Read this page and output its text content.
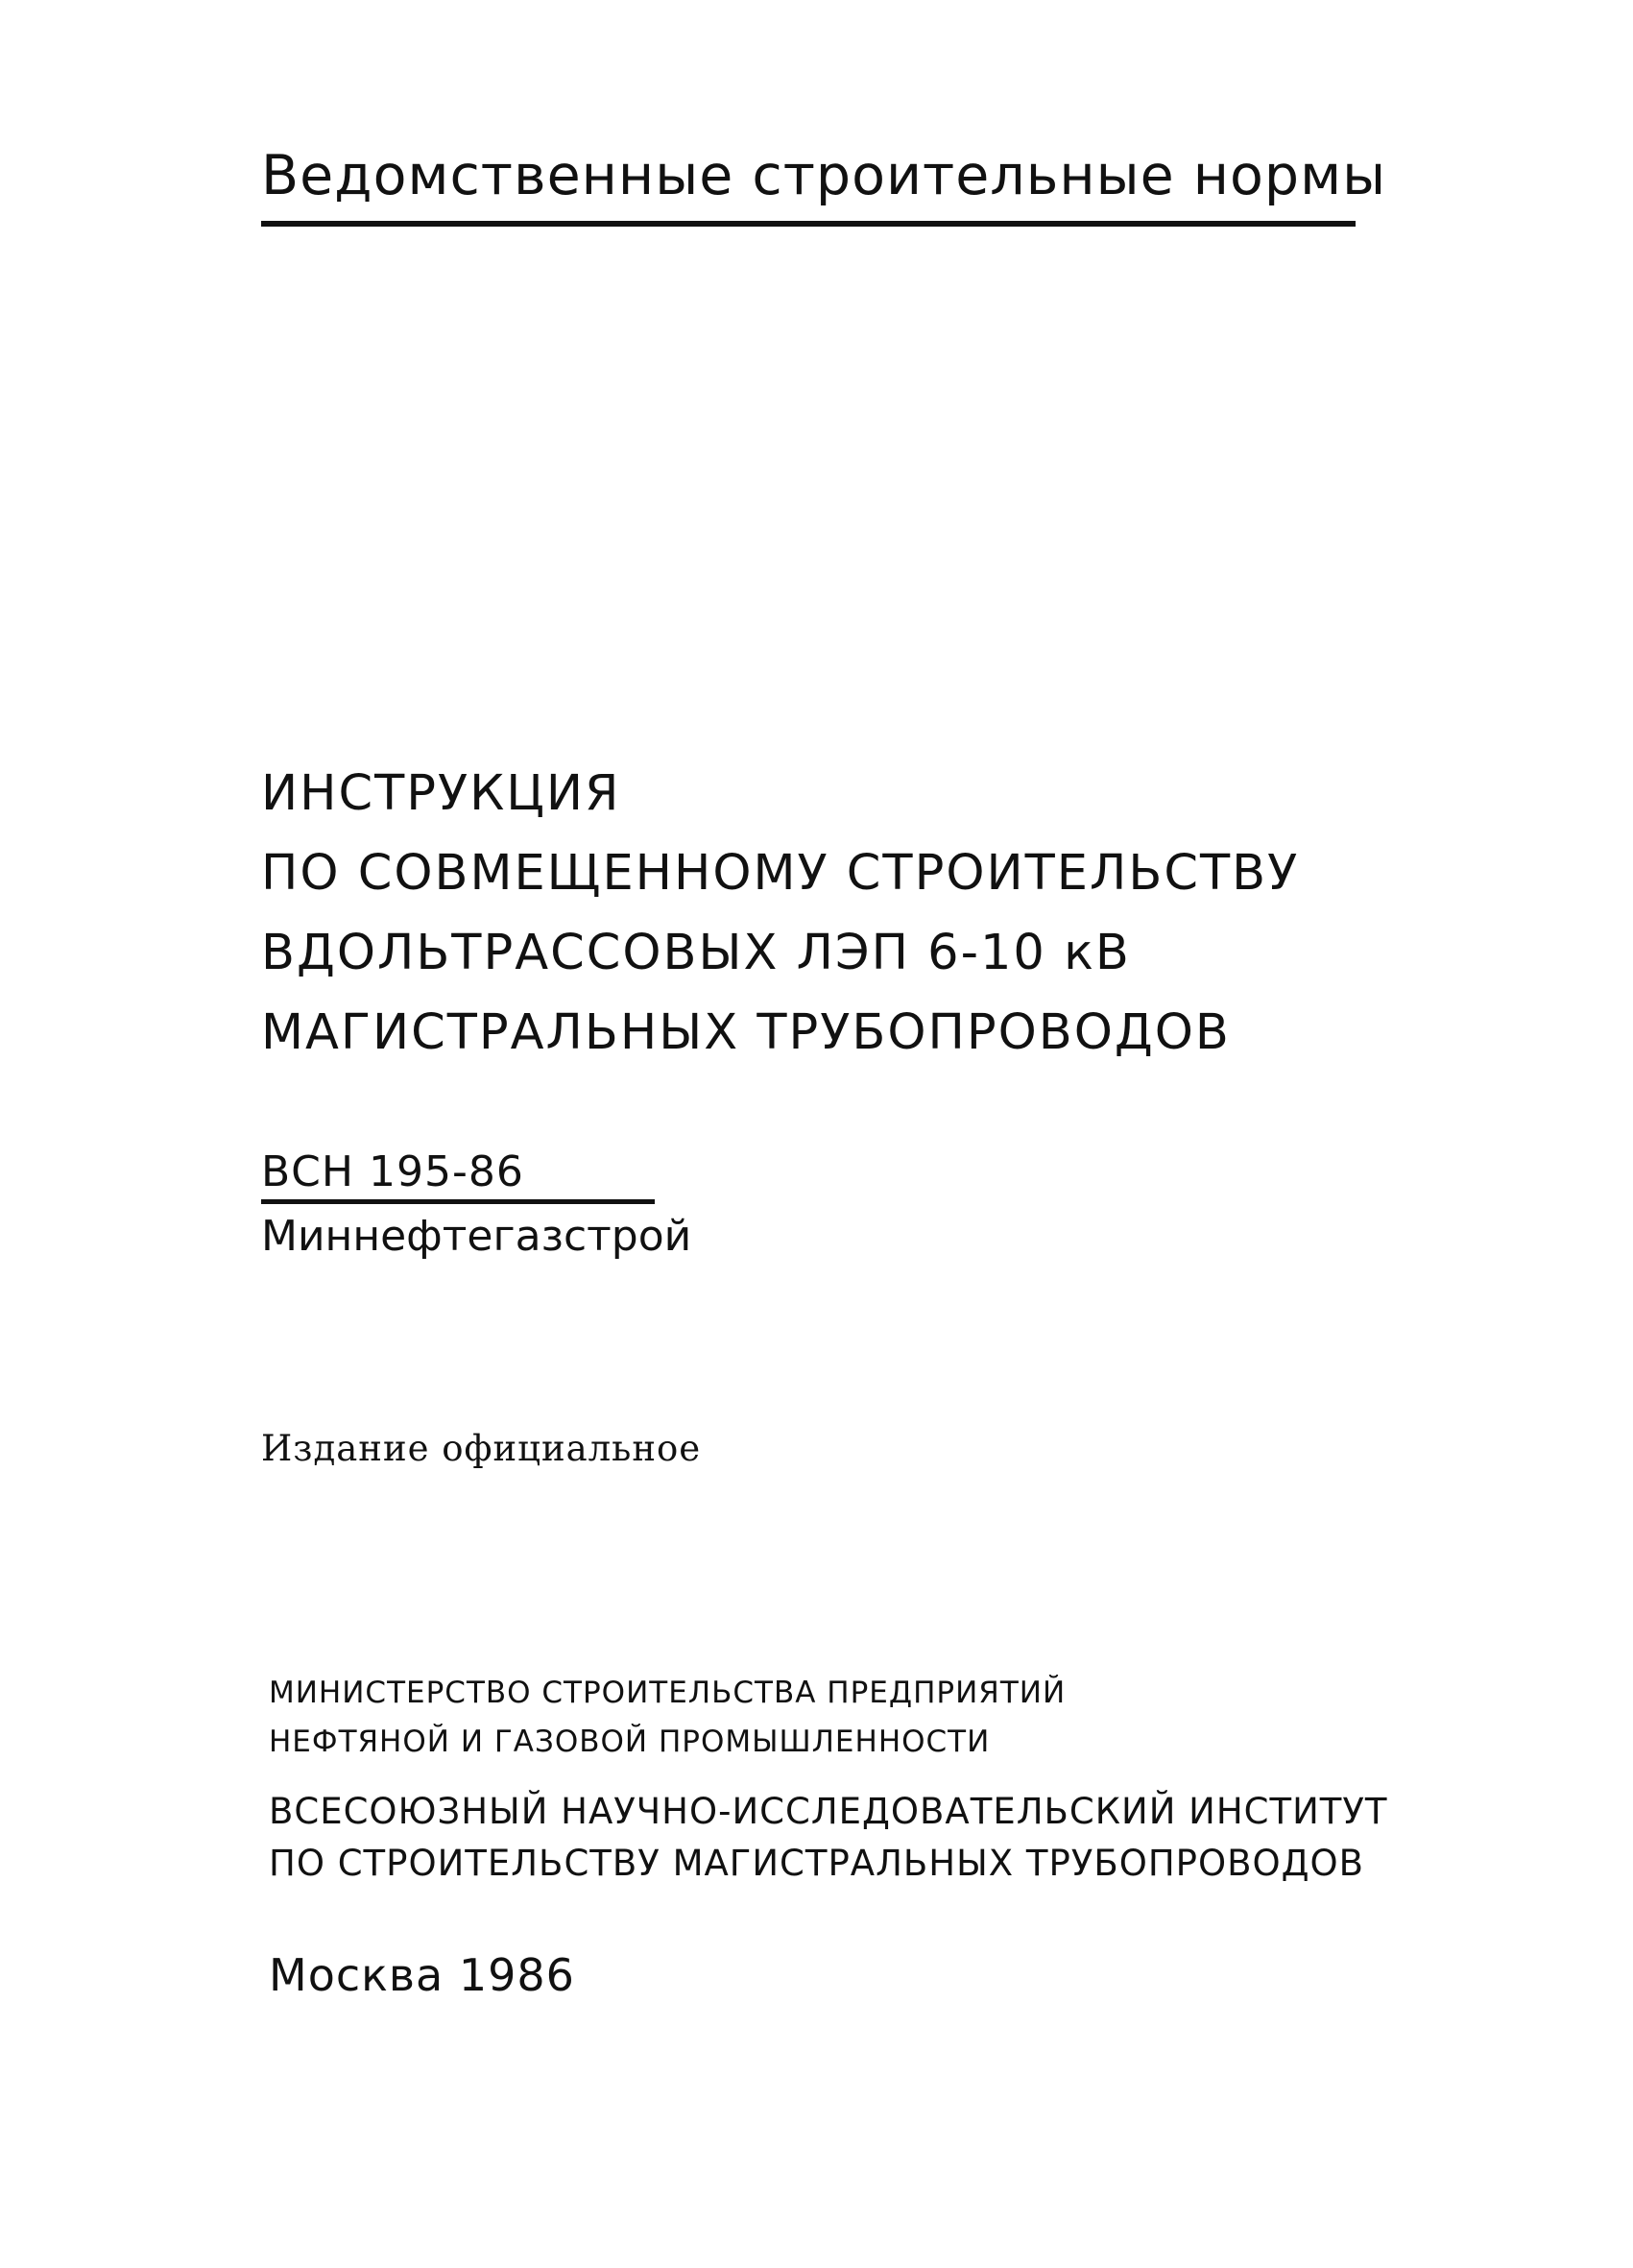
Ведомственные строительные нормы
ИНСТРУКЦИЯ
ПО СОВМЕЩЕННОМУ СТРОИТЕЛЬСТВУ
ВДОЛЬТРАССОВЫХ ЛЭП 6-10 кВ
МАГИСТРАЛЬНЫХ ТРУБОПРОВОДОВ
ВСН 195-86
Миннефтегазстрой
Издание официальное
МИНИСТЕРСТВО СТРОИТЕЛЬСТВА ПРЕДПРИЯТИЙ
НЕФТЯНОЙ И ГАЗОВОЙ ПРОМЫШЛЕННОСТИ
ВСЕСОЮЗНЫЙ НАУЧНО-ИССЛЕДОВАТЕЛЬСКИЙ ИНСТИТУТ
ПО СТРОИТЕЛЬСТВУ МАГИСТРАЛЬНЫХ ТРУБОПРОВОДОВ
Москва 1986
